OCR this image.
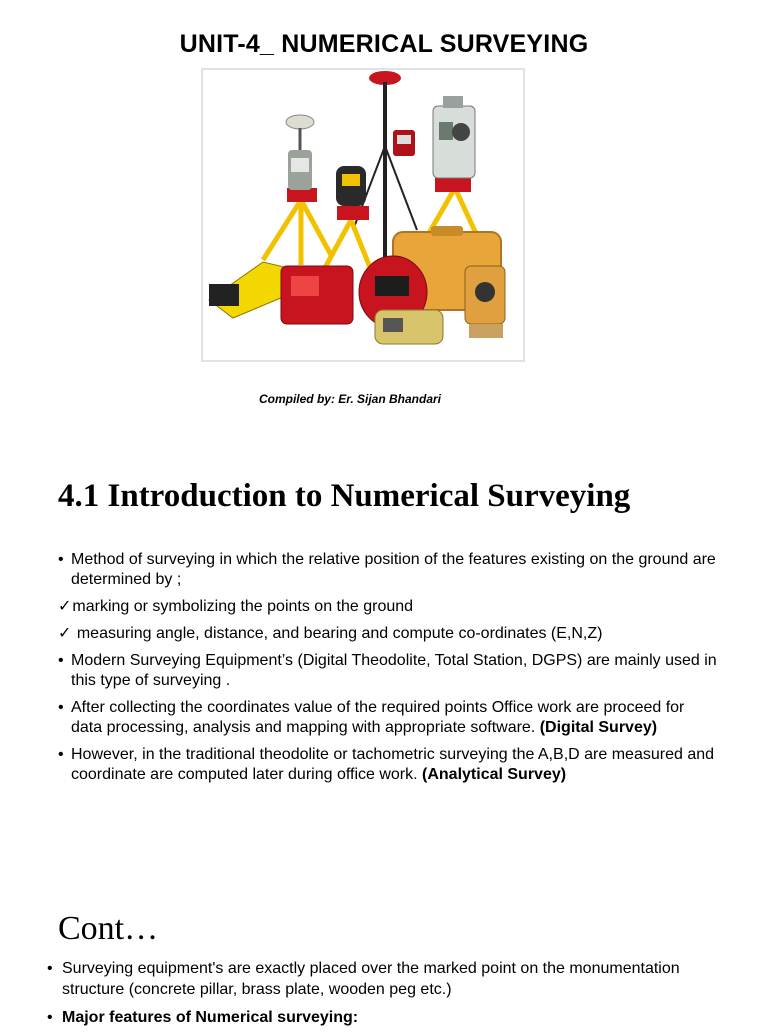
UNIT-4_ NUMERICAL SURVEYING
Compiled by: Er. Sijan Bhandari
4.1 Introduction to Numerical Surveying
• Method of surveying in which the relative position of the features existing on the ground are determined by ;
✓marking or symbolizing the points on the ground
✓ measuring angle, distance, and bearing and compute co-ordinates (E,N,Z)
• Modern Surveying Equipment’s (Digital Theodolite, Total Station, DGPS) are mainly used in this type of surveying .
• After collecting the coordinates value of the required points Office work are proceed for data processing, analysis and mapping with appropriate software. (Digital Survey)
• However, in the traditional theodolite or tachometric surveying the A,B,D are measured and coordinate are computed later during office work. (Analytical Survey)
Cont…
• Surveying equipment's are exactly placed over the marked point on the monumentation structure (concrete pillar, brass plate, wooden peg etc.)
• Major features of Numerical surveying:
